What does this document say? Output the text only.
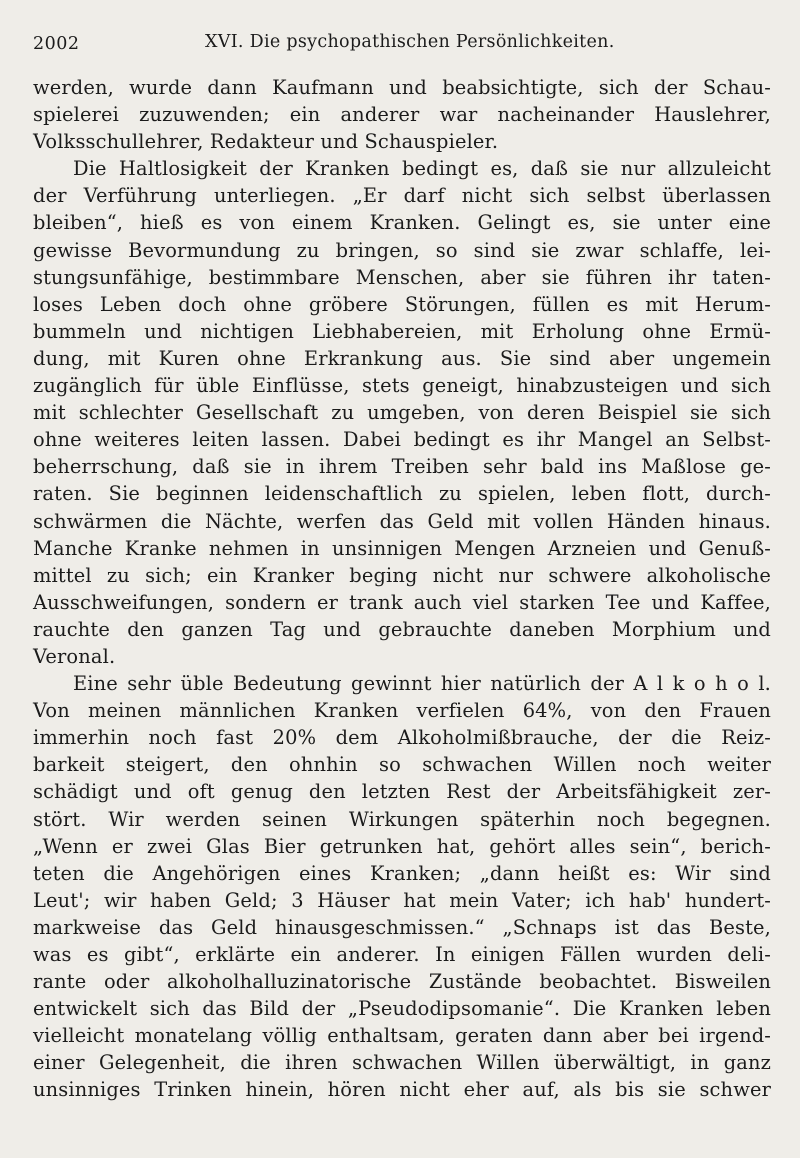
2002	XVI. Die psychopathischen Persönlichkeiten.
werden, wurde dann Kaufmann und beabsichtigte, sich der Schau-
spielerei zuzuwenden; ein anderer war nacheinander Hauslehrer,
Volksschullehrer, Redakteur und Schauspieler.
Die Haltlosigkeit der Kranken bedingt es, daß sie nur allzuleicht
der Verführung unterliegen. „Er darf nicht sich selbst überlassen
bleiben“, hieß es von einem Kranken. Gelingt es, sie unter eine
gewisse Bevormundung zu bringen, so sind sie zwar schlaffe, lei-
stungsunfähige, bestimmbare Menschen, aber sie führen ihr taten-
loses Leben doch ohne gröbere Störungen, füllen es mit Herum-
bummeln und nichtigen Liebhabereien, mit Erholung ohne Ermü-
dung, mit Kuren ohne Erkrankung aus. Sie sind aber ungemein
zugänglich für üble Einflüsse, stets geneigt, hinabzusteigen und sich
mit schlechter Gesellschaft zu umgeben, von deren Beispiel sie sich
ohne weiteres leiten lassen. Dabei bedingt es ihr Mangel an Selbst-
beherrschung, daß sie in ihrem Treiben sehr bald ins Maßlose ge-
raten. Sie beginnen leidenschaftlich zu spielen, leben flott, durch-
schwärmen die Nächte, werfen das Geld mit vollen Händen hinaus.
Manche Kranke nehmen in unsinnigen Mengen Arzneien und Genuß-
mittel zu sich; ein Kranker beging nicht nur schwere alkoholische
Ausschweifungen, sondern er trank auch viel starken Tee und Kaffee,
rauchte den ganzen Tag und gebrauchte daneben Morphium und
Veronal.
Eine sehr üble Bedeutung gewinnt hier natürlich der A l k o h o l.
Von meinen männlichen Kranken verfielen 64%, von den Frauen
immerhin noch fast 20% dem Alkoholmißbrauche, der die Reiz-
barkeit steigert, den ohnhin so schwachen Willen noch weiter
schädigt und oft genug den letzten Rest der Arbeitsfähigkeit zer-
stört. Wir werden seinen Wirkungen späterhin noch begegnen.
„Wenn er zwei Glas Bier getrunken hat, gehört alles sein“, berich-
teten die Angehörigen eines Kranken; „dann heißt es: Wir sind
Leut'; wir haben Geld; 3 Häuser hat mein Vater; ich hab' hundert-
markweise das Geld hinausgeschmissen.“ „Schnaps ist das Beste,
was es gibt“, erklärte ein anderer. In einigen Fällen wurden deli-
rante oder alkoholhalluzinatorische Zustände beobachtet. Bisweilen
entwickelt sich das Bild der „Pseudodipsomanie“. Die Kranken leben
vielleicht monatelang völlig enthaltsam, geraten dann aber bei irgend-
einer Gelegenheit, die ihren schwachen Willen überwältigt, in ganz
unsinniges Trinken hinein, hören nicht eher auf, als bis sie schwer
